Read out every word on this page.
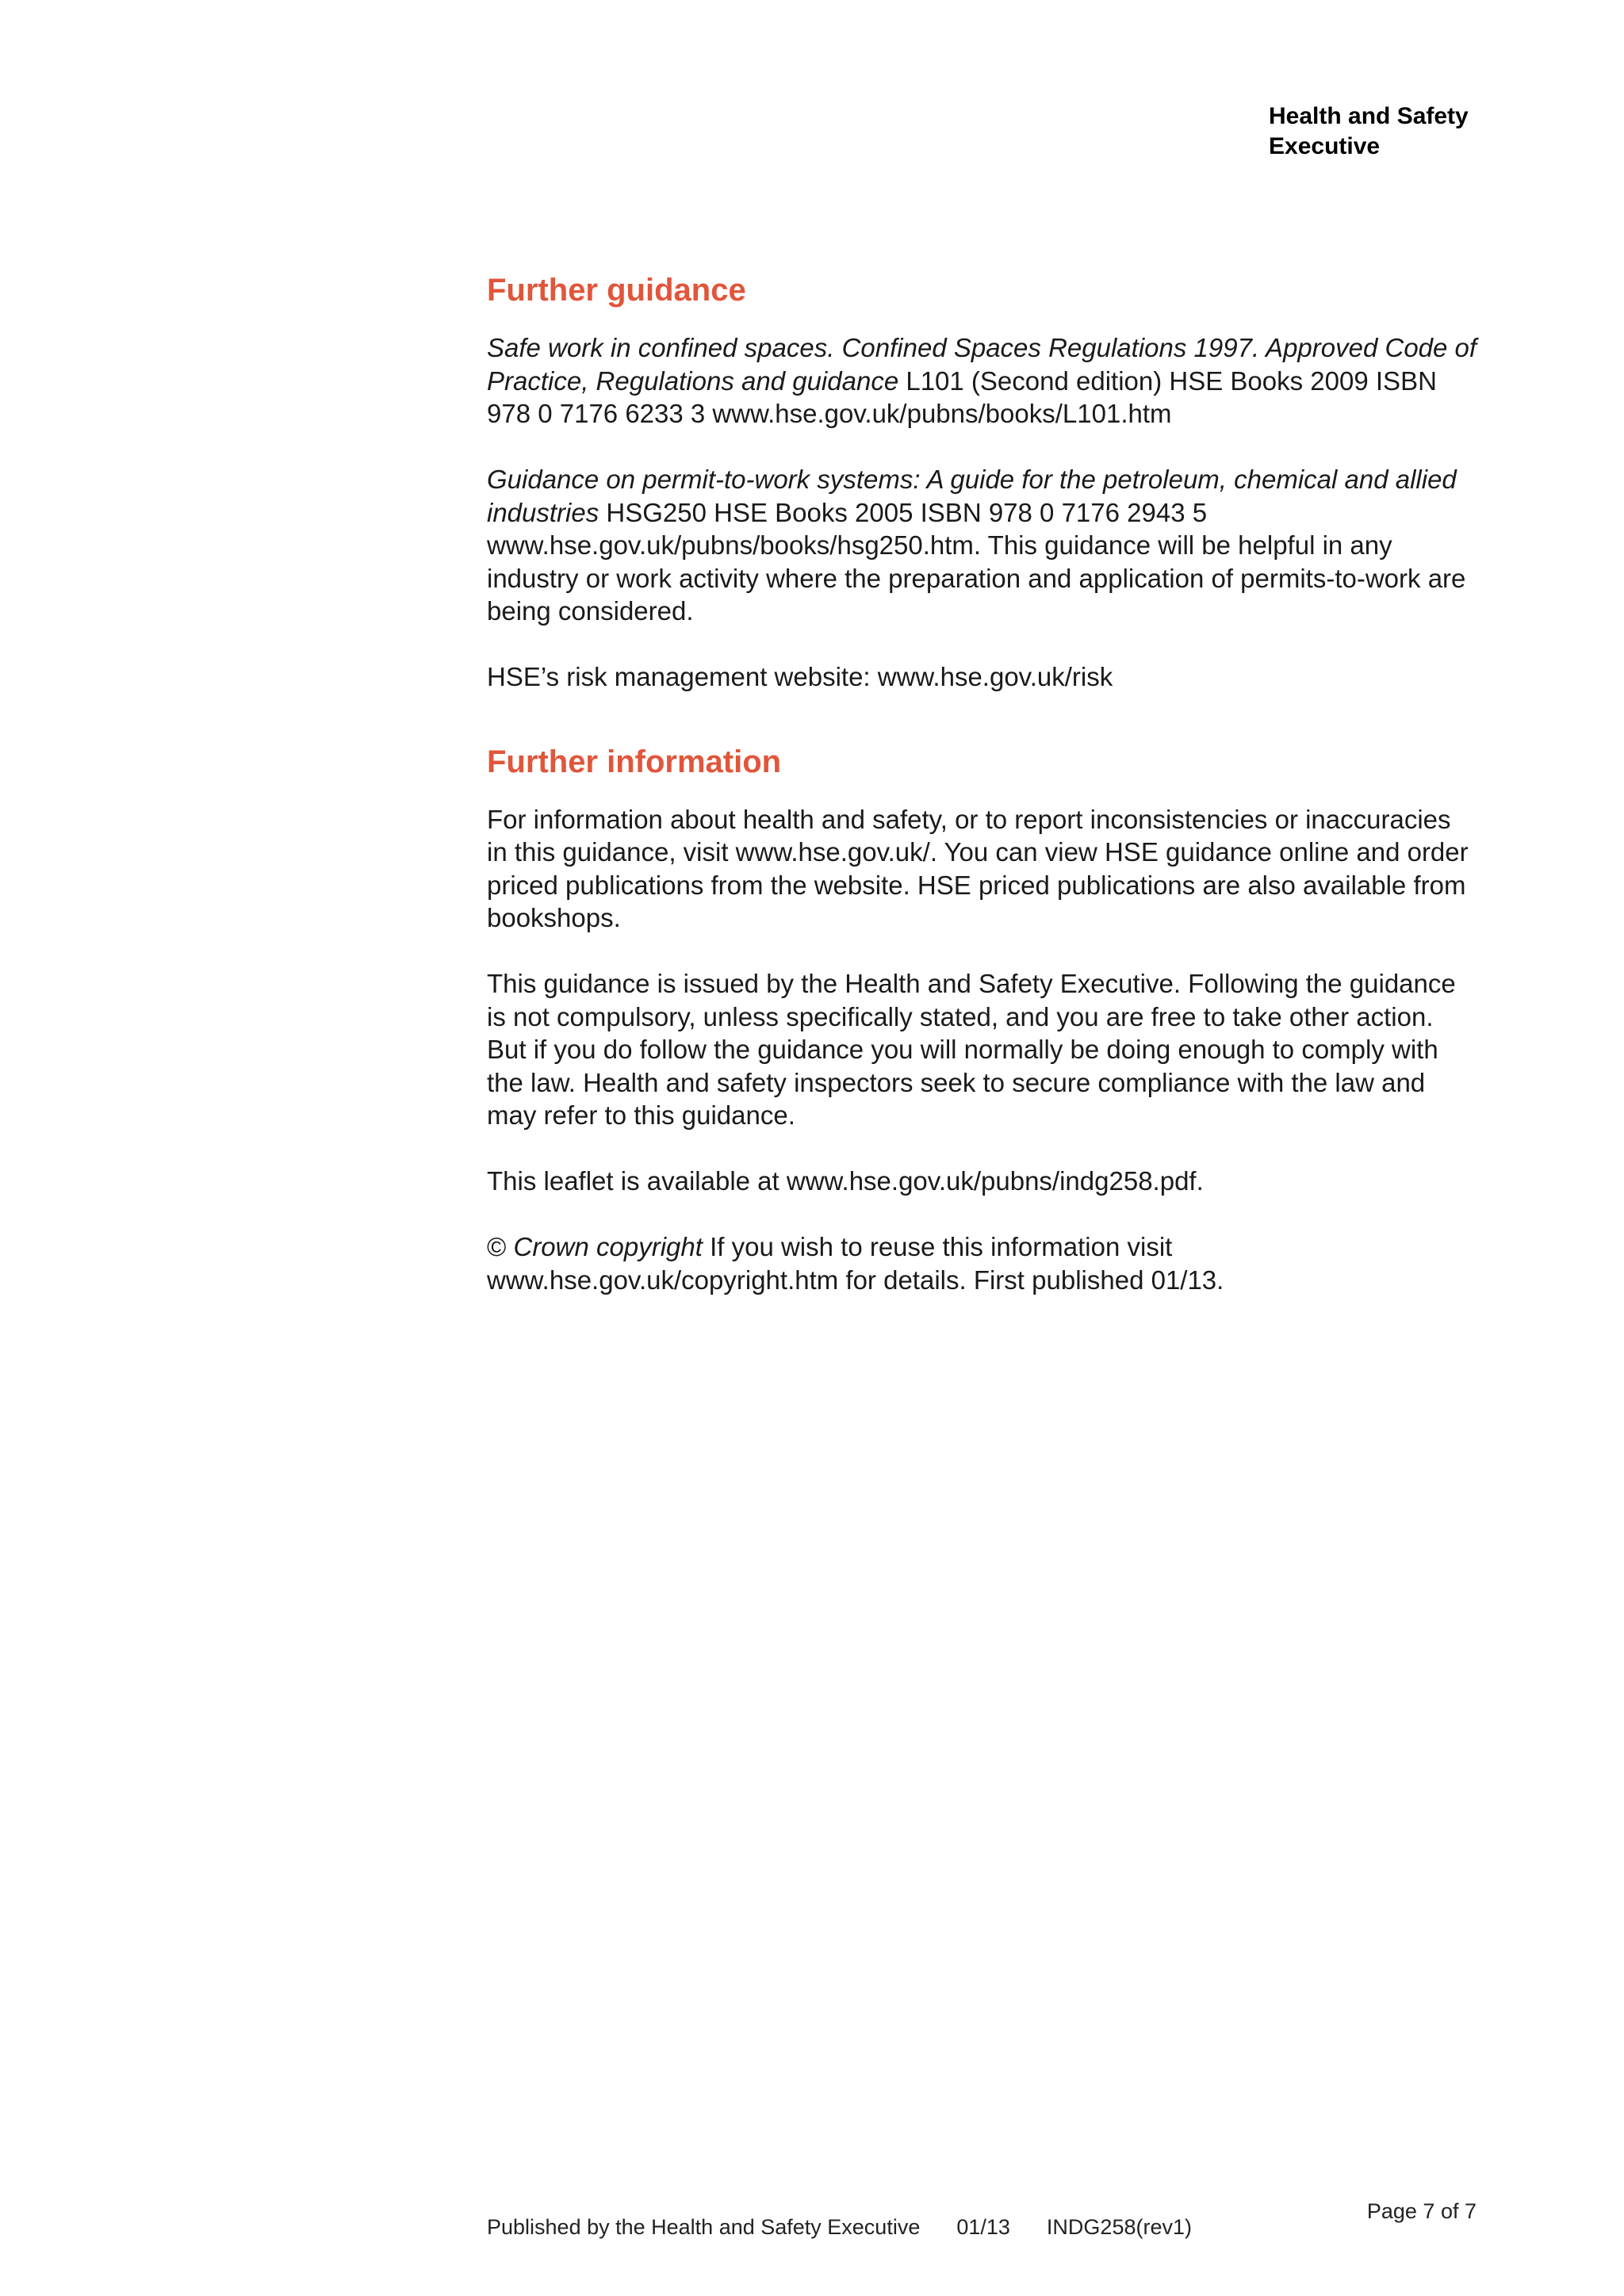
Health and Safety
Executive
Further guidance

Safe work in confined spaces. Confined Spaces Regulations 1997. Approved Code of Practice, Regulations and guidance L101 (Second edition) HSE Books 2009 ISBN 978 0 7176 6233 3 www.hse.gov.uk/pubns/books/L101.htm

Guidance on permit-to-work systems: A guide for the petroleum, chemical and allied industries HSG250 HSE Books 2005 ISBN 978 0 7176 2943 5 www.hse.gov.uk/pubns/books/hsg250.htm. This guidance will be helpful in any industry or work activity where the preparation and application of permits-to-work are being considered.

HSE’s risk management website: www.hse.gov.uk/risk

Further information

For information about health and safety, or to report inconsistencies or inaccuracies in this guidance, visit www.hse.gov.uk/. You can view HSE guidance online and order priced publications from the website. HSE priced publications are also available from bookshops.

This guidance is issued by the Health and Safety Executive. Following the guidance is not compulsory, unless specifically stated, and you are free to take other action. But if you do follow the guidance you will normally be doing enough to comply with the law. Health and safety inspectors seek to secure compliance with the law and may refer to this guidance.

This leaflet is available at www.hse.gov.uk/pubns/indg258.pdf.

© Crown copyright If you wish to reuse this information visit www.hse.gov.uk/copyright.htm for details. First published 01/13.

Published by the Health and Safety Executive 01/13 INDG258(rev1)
Page 7 of 7
